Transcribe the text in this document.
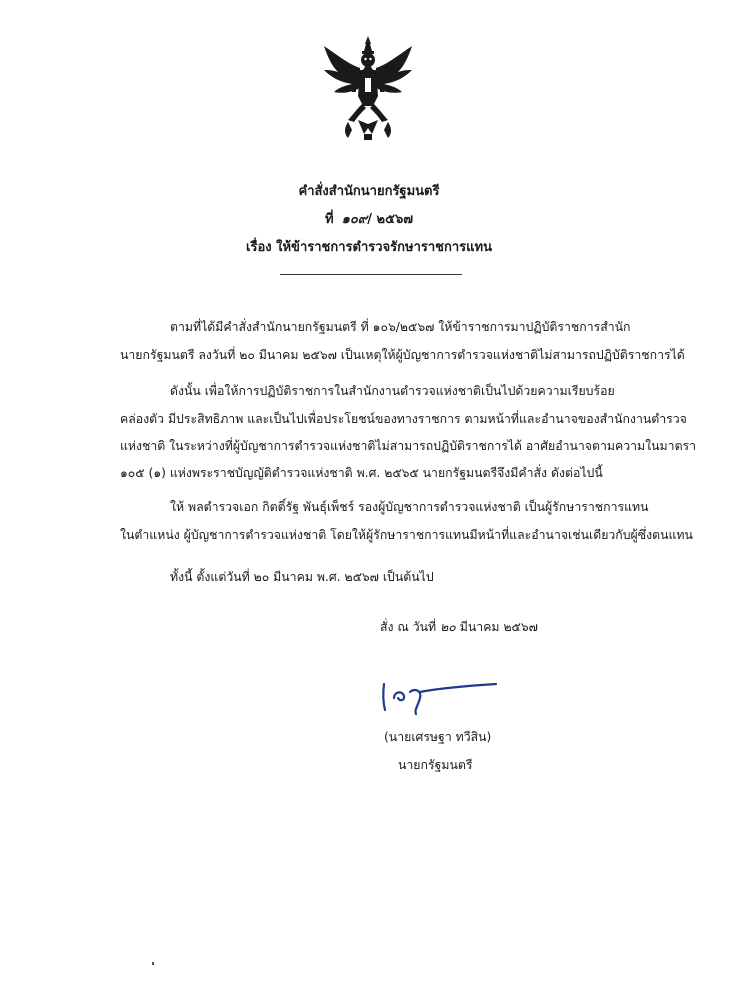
คำสั่งสำนักนายกรัฐมนตรี
ที่ ๑๐๙/ ๒๕๖๗
เรื่อง ให้ข้าราชการตำรวจรักษาราชการแทน
ตามที่ได้มีคำสั่งสำนักนายกรัฐมนตรี ที่ ๑๐๖/๒๕๖๗ ให้ข้าราชการมาปฏิบัติราชการสำนัก
นายกรัฐมนตรี ลงวันที่ ๒๐ มีนาคม ๒๕๖๗ เป็นเหตุให้ผู้บัญชาการตำรวจแห่งชาติไม่สามารถปฏิบัติราชการได้
ดังนั้น เพื่อให้การปฏิบัติราชการในสำนักงานตำรวจแห่งชาติเป็นไปด้วยความเรียบร้อย
คล่องตัว มีประสิทธิภาพ และเป็นไปเพื่อประโยชน์ของทางราชการ ตามหน้าที่และอำนาจของสำนักงานตำรวจ
แห่งชาติ ในระหว่างที่ผู้บัญชาการตำรวจแห่งชาติไม่สามารถปฏิบัติราชการได้ อาศัยอำนาจตามความในมาตรา
๑๐๕ (๑) แห่งพระราชบัญญัติตำรวจแห่งชาติ พ.ศ. ๒๕๖๕ นายกรัฐมนตรีจึงมีคำสั่ง ดังต่อไปนี้
ให้ พลตำรวจเอก กิตติ์รัฐ พันธุ์เพ็ชร์ รองผู้บัญชาการตำรวจแห่งชาติ เป็นผู้รักษาราชการแทน
ในตำแหน่ง ผู้บัญชาการตำรวจแห่งชาติ โดยให้ผู้รักษาราชการแทนมีหน้าที่และอำนาจเช่นเดียวกับผู้ซึ่งตนแทน
ทั้งนี้ ตั้งแต่วันที่ ๒๐ มีนาคม พ.ศ. ๒๕๖๗ เป็นต้นไป
สั่ง ณ วันที่ ๒๐ มีนาคม ๒๕๖๗
(นายเศรษฐา ทวีสิน)
นายกรัฐมนตรี
